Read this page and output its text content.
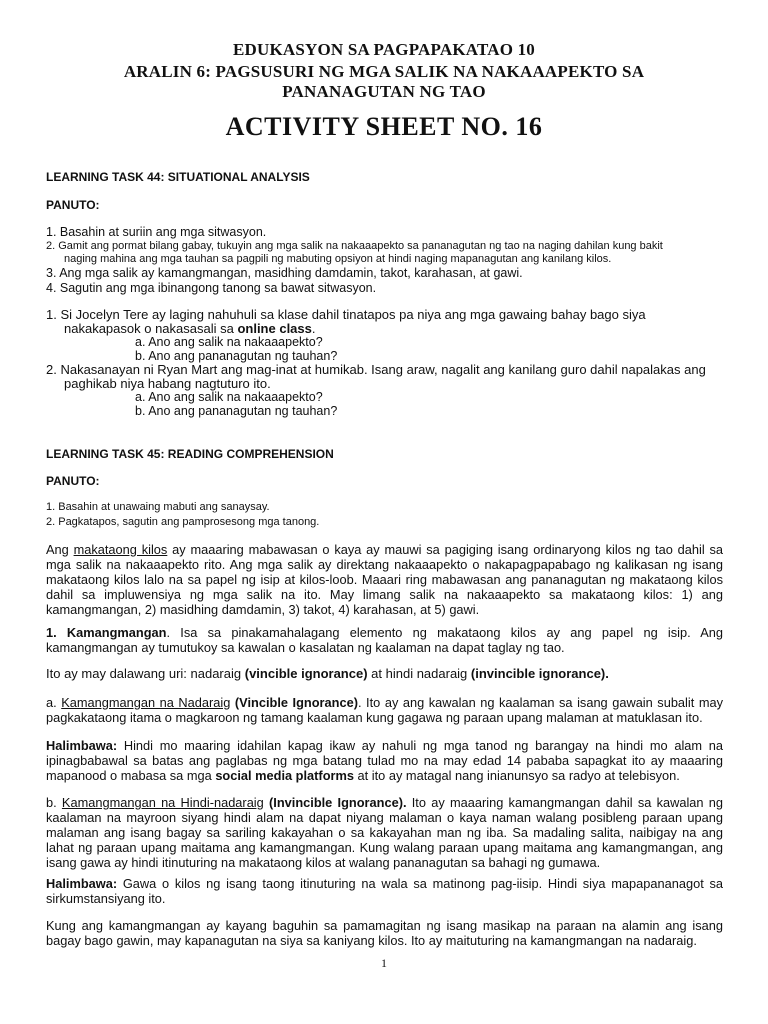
EDUKASYON SA PAGPAPAKATAO 10
ARALIN 6: PAGSUSURI NG MGA SALIK NA NAKAAAPEKTO SA
PANANAGUTAN NG TAO
ACTIVITY SHEET NO. 16
LEARNING TASK 44: SITUATIONAL ANALYSIS
PANUTO:
1. Basahin at suriin ang mga sitwasyon.
2. Gamit ang pormat bilang gabay, tukuyin ang mga salik na nakaaapekto sa pananagutan ng tao na naging dahilan kung bakit
naging mahina ang mga tauhan sa pagpili ng mabuting opsiyon at hindi naging mapanagutan ang kanilang kilos.
3. Ang mga salik ay kamangmangan, masidhing damdamin, takot, karahasan, at gawi.
4. Sagutin ang mga ibinangong tanong sa bawat sitwasyon.
1. Si Jocelyn Tere ay laging nahuhuli sa klase dahil tinatapos pa niya ang mga gawaing bahay bago siya
nakakapasok o nakasasali sa online class.
a. Ano ang salik na nakaaapekto?
b. Ano ang pananagutan ng tauhan?
2. Nakasanayan ni Ryan Mart ang mag-inat at humikab. Isang araw, nagalit ang kanilang guro dahil napalakas ang
paghikab niya habang nagtuturo ito.
a. Ano ang salik na nakaaapekto?
b. Ano ang pananagutan ng tauhan?
LEARNING TASK 45: READING COMPREHENSION
PANUTO:
1. Basahin at unawaing mabuti ang sanaysay.
2. Pagkatapos, sagutin ang pamprosesong mga tanong.
Ang makataong kilos ay maaaring mabawasan o kaya ay mauwi sa pagiging isang ordinaryong kilos ng tao dahil sa mga salik na nakaaapekto rito. Ang mga salik ay direktang nakaaapekto o nakapagpapabago ng kalikasan ng isang makataong kilos lalo na sa papel ng isip at kilos-loob. Maaari ring mabawasan ang pananagutan ng makataong kilos dahil sa impluwensiya ng mga salik na ito. May limang salik na nakaaapekto sa makataong kilos: 1) ang kamangmangan, 2) masidhing damdamin, 3) takot, 4) karahasan, at 5) gawi.
1. Kamangmangan. Isa sa pinakamahalagang elemento ng makataong kilos ay ang papel ng isip. Ang kamangmangan ay tumutukoy sa kawalan o kasalatan ng kaalaman na dapat taglay ng tao.
Ito ay may dalawang uri: nadaraig (vincible ignorance) at hindi nadaraig (invincible ignorance).
a. Kamangmangan na Nadaraig (Vincible Ignorance). Ito ay ang kawalan ng kaalaman sa isang gawain subalit may pagkakataong itama o magkaroon ng tamang kaalaman kung gagawa ng paraan upang malaman at matuklasan ito.
Halimbawa: Hindi mo maaring idahilan kapag ikaw ay nahuli ng mga tanod ng barangay na hindi mo alam na ipinagbabawal sa batas ang paglabas ng mga batang tulad mo na may edad 14 pababa sapagkat ito ay maaaring mapanood o mabasa sa mga social media platforms at ito ay matagal nang inianunsyo sa radyo at telebisyon.
b. Kamangmangan na Hindi-nadaraig (Invincible Ignorance). Ito ay maaaring kamangmangan dahil sa kawalan ng kaalaman na mayroon siyang hindi alam na dapat niyang malaman o kaya naman walang posibleng paraan upang malaman ang isang bagay sa sariling kakayahan o sa kakayahan man ng iba. Sa madaling salita, naibigay na ang lahat ng paraan upang maitama ang kamangmangan. Kung walang paraan upang maitama ang kamangmangan, ang isang gawa ay hindi itinuturing na makataong kilos at walang pananagutan sa bahagi ng gumawa.
Halimbawa: Gawa o kilos ng isang taong itinuturing na wala sa matinong pag-iisip. Hindi siya mapapananagot sa sirkumstansiyang ito.
Kung ang kamangmangan ay kayang baguhin sa pamamagitan ng isang masikap na paraan na alamin ang isang bagay bago gawin, may kapanagutan na siya sa kaniyang kilos. Ito ay maituturing na kamangmangan na nadaraig.
1
